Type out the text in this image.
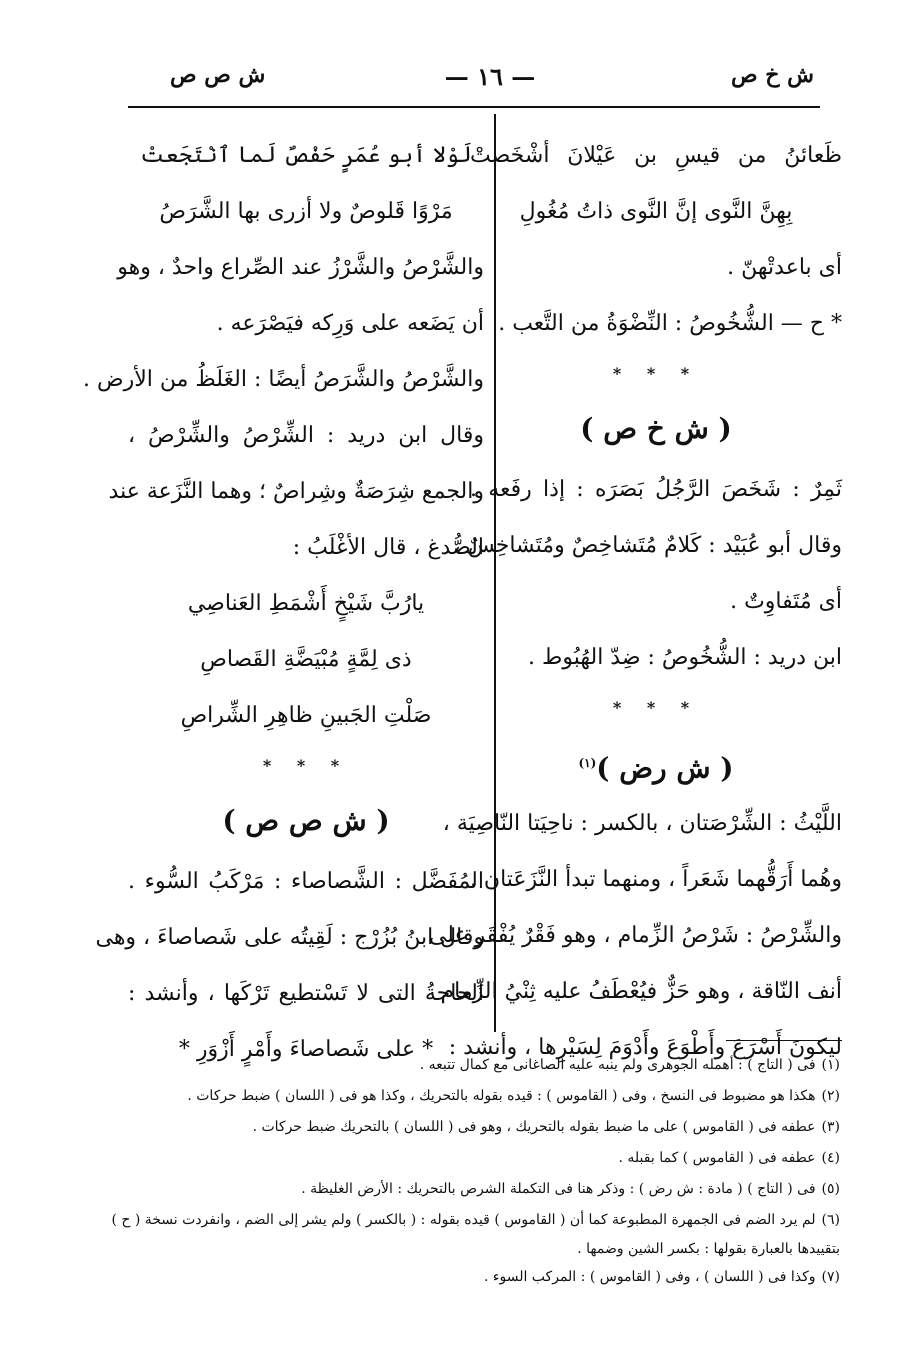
ش خ ص
— ١٦ —
ش ص ص
ظَعائنُ من قيسِ بن عَيْلانَ أشْخَصتْ
بِهِنَّ النَّوى إنَّ النَّوى ذاتُ مُغُولِ
أى باعدتْهنّ .
* ح — الشُّخُوصُ : النِّضْوَةُ من التَّعب .
* * *
( ش خ ص )
ثَمِرٌ : شَخَصَ الرَّجُلُ بَصَرَه : إذا رفَعه .
وقال أبو عُبَيْد : كَلامٌ مُتَشاخِصٌ ومُتَشاخِسٌ ،
أى مُتَفاوِتٌ .
ابن دريد : الشُّخُوصُ : ضِدّ الهُبُوط .
* * *
( ش رض )$^{(١)}$
اللَّيْثُ : الشِّرْصَتان ، بالكسر : ناحِيَتا النّاصِيَة ،
وهُما أَرَقُّهما شَعَراً ، ومنهما تبدأ النَّزَعَتان .
والشِّرْصُ : شَرْصُ الزِّمام ، وهو فَقْرٌ يُفْقَر على
أنف النّاقة ، وهو حَزٌّ فيُعْطَفُ عليه ثِنْيُ الزِّمام
ليكونَ أَسْرَعَ وأَطْوَعَ وأَدْوَمَ لِسَيْرِها ، وأنشد :
لَوْلا أبو عُمَرٍ حَفْصٌ لَما ٱنْتَجَعتْ
مَرْوًا قَلوصٌ ولا أزرى بها الشَّرَصُ
والشَّرْصُ والشَّرْزُ عند الصِّراع واحدٌ ، وهو
أن يَضَعه على وَرِكه فيَصْرَعه .
والشَّرْصُ والشَّرَصُ أيضًا : الغَلَظُ من الأرض .
وقال ابن دريد : الشِّرْصُ والشِّرْصُ ،
والجمع شِرَصَةٌ وشِراصٌ ؛ وهما النَّزَعة عند
الصُّدغ ، قال الأغْلَبُ :
يارُبَّ شَيْخٍ أَشْمَطِ العَناصِي
ذى لِمَّةٍ مُبْيَضَّةِ القَصاصِ
صَلْتِ الجَبينِ ظاهِرِ الشِّراصِ
* * *
( ش ص ص )
المُفَضَّل : الشَّصاصاء : مَرْكَبُ السُّوء .
وقال ابنُ بُزُرْج : لَقِيتُه على شَصاصاءَ ، وهى
الحاجةُ التى لا تَسْتطيع تَرْكَها ، وأنشد :
* على شَصاصاءَ وأَمْرٍ أَزْوَرِ *
(١)فى ( التاج ) : أهمله الجوهرى ولم ينبه عليه الصاغانى مع كمال تتبعه .
(٢)هكذا هو مضبوط فى النسخ ، وفى ( القاموس ) : قيده بقوله بالتحريك ، وكذا هو فى ( اللسان ) ضبط حركات .
(٣)عطفه فى ( القاموس ) على ما ضبط بقوله بالتحريك ، وهو فى ( اللسان ) بالتحريك ضبط حركات .
(٤)عطفه فى ( القاموس ) كما بقبله .
(٥)فى ( التاج ) ( مادة : ش رض ) : وذكر هنا فى التكملة الشرص بالتحريك : الأرض الغليظة .
(٦)لم يرد الضم فى الجمهرة المطبوعة كما أن ( القاموس ) قيده بقوله : ( بالكسر ) ولم يشر إلى الضم ، وانفردت نسخة ( ح )
بتقييدها بالعبارة بقولها : بكسر الشين وضمها .
(٧)وكذا فى ( اللسان ) ، وفى ( القاموس ) : المركب السوء .
